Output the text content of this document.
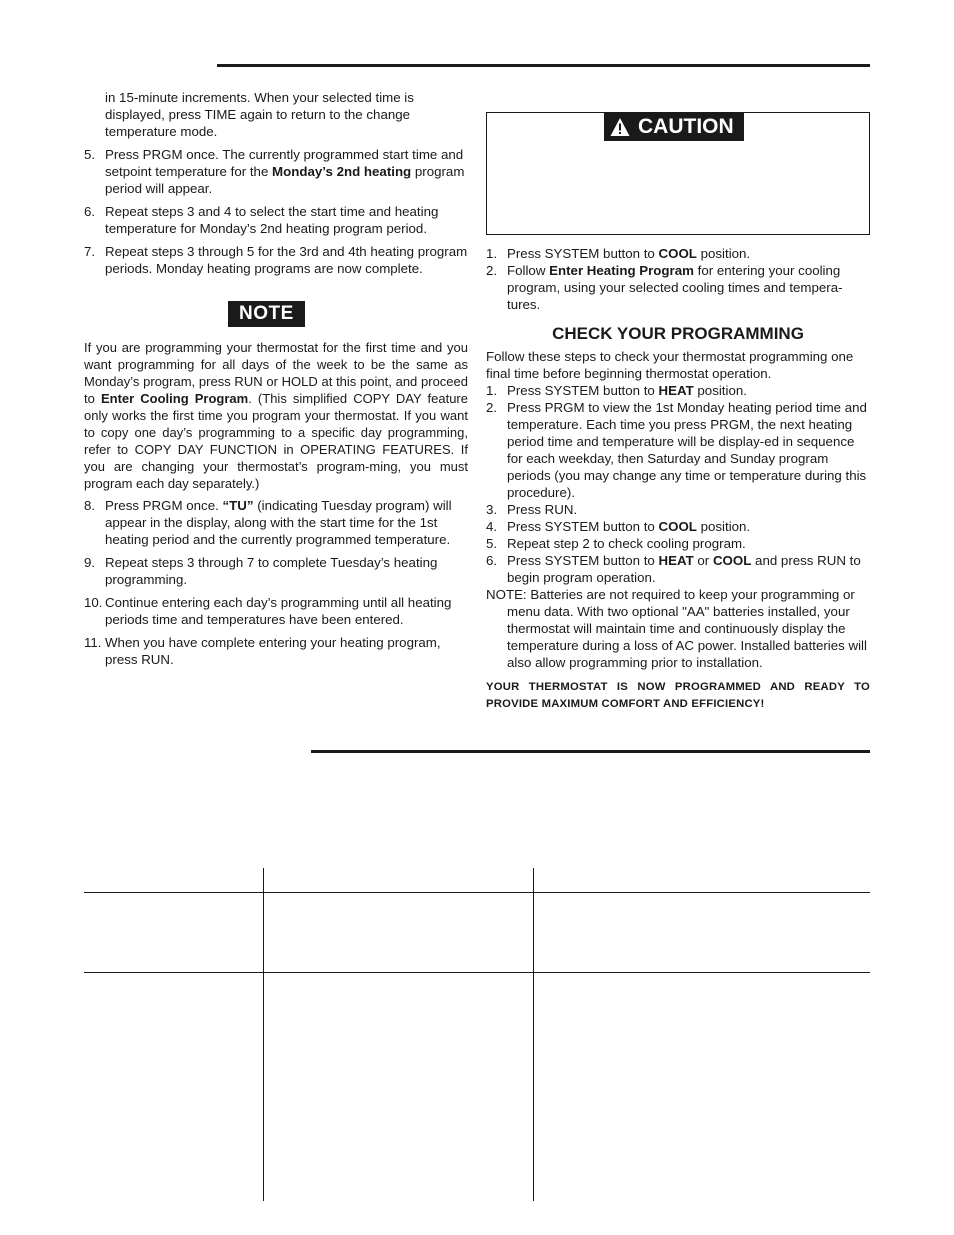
in 15-minute increments. When your selected time is displayed, press TIME again to return to the change temperature mode.

5. Press PRGM once. The currently programmed start time and setpoint temperature for the Monday’s 2nd heating program period will appear.
6. Repeat steps 3 and 4 to select the start time and heating temperature for Monday’s 2nd heating program period.
7. Repeat steps 3 through 5 for the 3rd and 4th heating program periods. Monday heating programs are now complete.
NOTE

If you are programming your thermostat for the first time and you want programming for all days of the week to be the same as Monday’s program, press RUN or HOLD at this point, and proceed to Enter Cooling Program. (This simplified COPY DAY feature only works the first time you program your thermostat. If you want to copy one day’s programming to a specific day programming, refer to COPY DAY FUNCTION in OPERATING FEATURES. If you are changing your thermostat’s program-ming, you must program each day separately.)

8. Press PRGM once. “TU” (indicating Tuesday program) will appear in the display, along with the start time for the 1st heating period and the currently programmed temperature.
9. Repeat steps 3 through 7 to complete Tuesday’s heating programming.
10. Continue entering each day’s programming until all heating periods time and temperatures have been entered.
11. When you have complete entering your heating program, press RUN.
CAUTION
1. Press SYSTEM button to COOL position.
2. Follow Enter Heating Program for entering your cooling program, using your selected cooling times and tempera-tures.
CHECK YOUR PROGRAMMING

Follow these steps to check your thermostat programming one final time before beginning thermostat operation.

1. Press SYSTEM button to HEAT position.
2. Press PRGM to view the 1st Monday heating period time and temperature. Each time you press PRGM, the next heating period time and temperature will be display-ed in sequence for each weekday, then Saturday and Sunday program periods (you may change any time or temperature during this procedure).
3. Press RUN.
4. Press SYSTEM button to COOL position.
5. Repeat step 2 to check cooling program.
6. Press SYSTEM button to HEAT or COOL and press RUN to begin program operation.

NOTE: Batteries are not required to keep your programming or menu data. With two optional "AA" batteries installed, your thermostat will maintain time and continuously display the temperature during a loss of AC power. Installed batteries will also allow programming prior to installation.

YOUR THERMOSTAT IS NOW PROGRAMMED AND READY TO PROVIDE MAXIMUM COMFORT AND EFFICIENCY!
